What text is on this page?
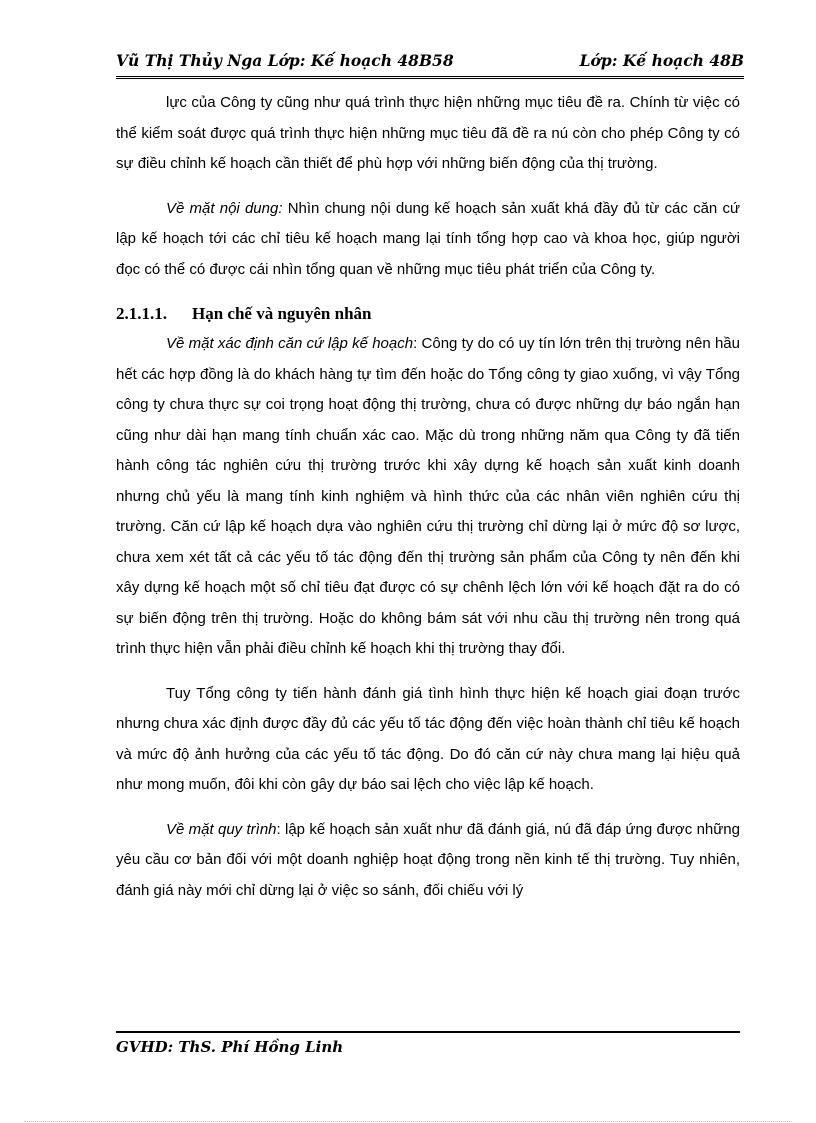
Vũ Thị Thủy Nga Lớp: Kế hoạch 48B58	Lớp: Kế hoạch 48B

lực của Công ty cũng như quá trình thực hiện những mục tiêu đề ra. Chính từ việc có thể kiểm soát được quá trình thực hiện những mục tiêu đã đề ra nú còn cho phép Công ty có sự điều chỉnh kế hoạch cần thiết để phù hợp với những biến động của thị trường.

Về mặt nội dung: Nhìn chung nội dung kế hoạch sản xuất khá đầy đủ từ các căn cứ lập kế hoạch tới các chỉ tiêu kế hoạch mang lại tính tổng hợp cao và khoa học, giúp người đọc có thể có được cái nhìn tổng quan về những mục tiêu phát triển của Công ty.

2.1.1.1. Hạn chế và nguyên nhân

Về mặt xác định căn cứ lập kế hoạch: Công ty do có uy tín lớn trên thị trường nên hầu hết các hợp đồng là do khách hàng tự tìm đến hoặc do Tổng công ty giao xuống, vì vậy Tổng công ty chưa thực sự coi trọng hoạt động thị trường, chưa có được những dự báo ngắn hạn cũng như dài hạn mang tính chuẩn xác cao. Mặc dù trong những năm qua Công ty đã tiến hành công tác nghiên cứu thị trường trước khi xây dựng kế hoạch sản xuất kinh doanh nhưng chủ yếu là mang tính kinh nghiệm và hình thức của các nhân viên nghiên cứu thị trường. Căn cứ lập kế hoạch dựa vào nghiên cứu thị trường chỉ dừng lại ở mức độ sơ lược, chưa xem xét tất cả các yếu tố tác động đến thị trường sản phẩm của Công ty nên đến khi xây dựng kế hoạch một số chỉ tiêu đạt được có sự chênh lệch lớn với kế hoạch đặt ra do có sự biến động trên thị trường. Hoặc do không bám sát với nhu cầu thị trường nên trong quá trình thực hiện vẫn phải điều chỉnh kế hoạch khi thị trường thay đổi.

Tuy Tổng công ty tiến hành đánh giá tình hình thực hiện kế hoạch giai đoạn trước nhưng chưa xác định được đầy đủ các yếu tố tác động đến việc hoàn thành chỉ tiêu kế hoạch và mức độ ảnh hưởng của các yếu tố tác động. Do đó căn cứ này chưa mang lại hiệu quả như mong muốn, đôi khi còn gây dự báo sai lệch cho việc lập kế hoạch.

Về mặt quy trình: lập kế hoạch sản xuất như đã đánh giá, nú đã đáp ứng được những yêu cầu cơ bản đối với một doanh nghiệp hoạt động trong nền kinh tế thị trường. Tuy nhiên, đánh giá này mới chỉ dừng lại ở việc so sánh, đối chiếu với lý

GVHD: ThS. Phí Hồng Linh
